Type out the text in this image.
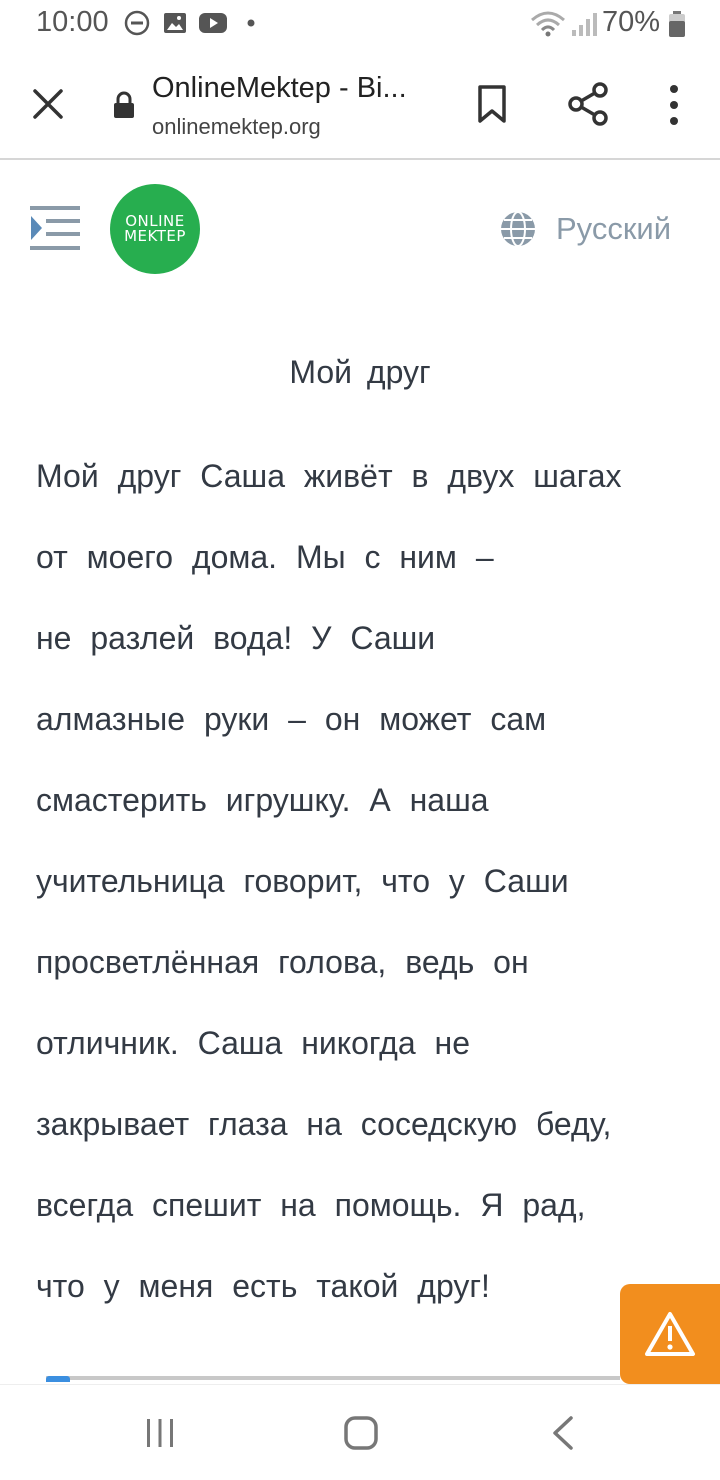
10:00	70%
OnlineMektep - Bi...
onlinemektep.org
ONLINE
MEKTEP	Русский
Мой друг
Мой друг Саша живёт в двух шагах
от моего дома. Мы с ним –
не разлей вода! У Саши
алмазные руки – он может сам
смастерить игрушку. А наша
учительница говорит, что у Саши
просветлённая голова, ведь он
отличник. Саша никогда не
закрывает глаза на соседскую беду,
всегда спешит на помощь. Я рад,
что у меня есть такой друг!
